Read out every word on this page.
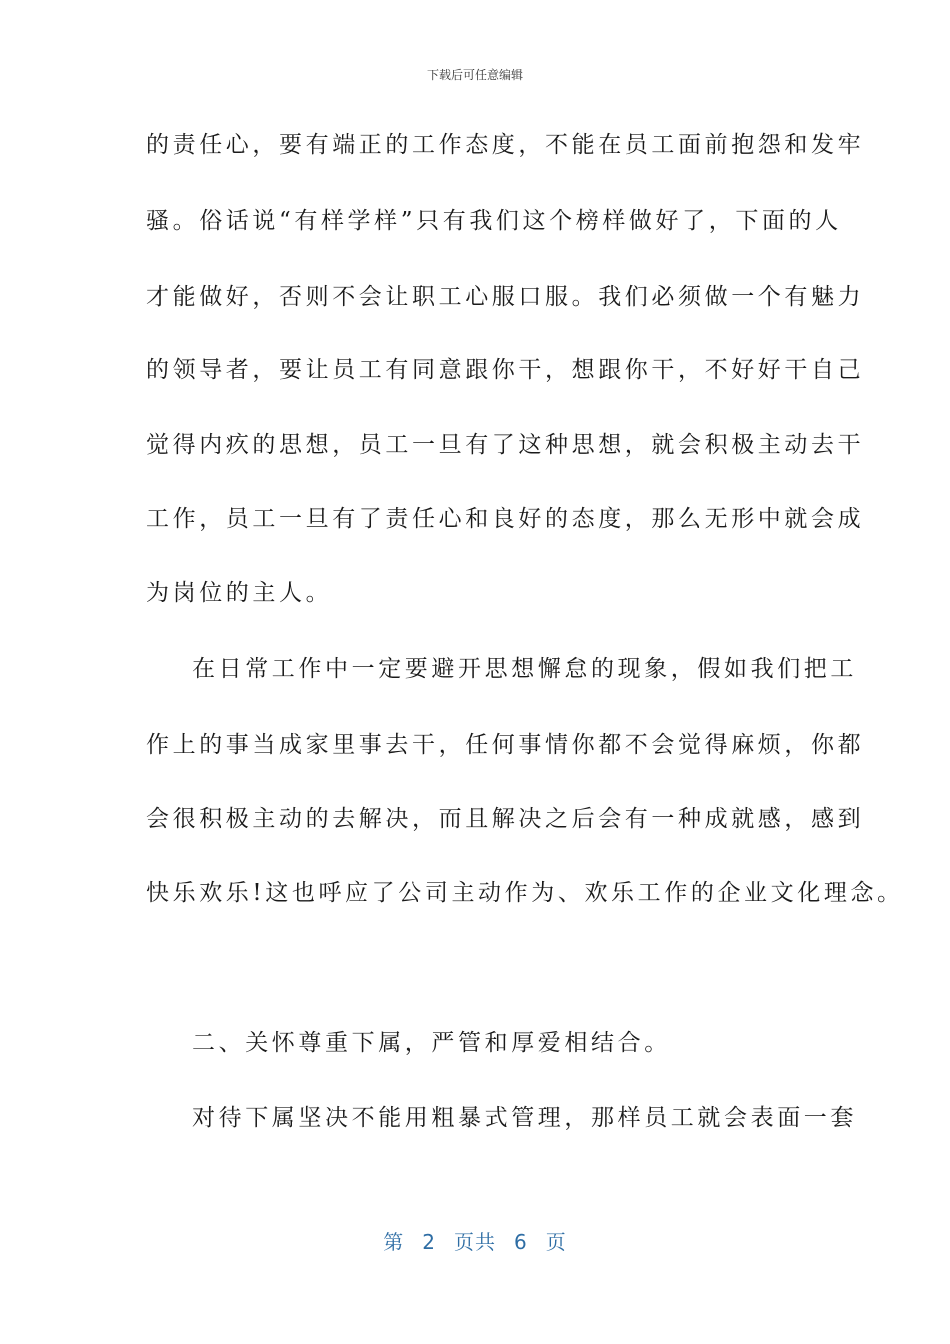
下载后可任意编辑
的责任心，要有端正的工作态度，不能在员工面前抱怨和发牢
骚。俗话说“有样学样”只有我们这个榜样做好了，下面的人
才能做好，否则不会让职工心服口服。我们必须做一个有魅力
的领导者，要让员工有同意跟你干，想跟你干，不好好干自己
觉得内疚的思想，员工一旦有了这种思想，就会积极主动去干
工作，员工一旦有了责任心和良好的态度，那么无形中就会成
为岗位的主人。
在日常工作中一定要避开思想懈怠的现象，假如我们把工
作上的事当成家里事去干，任何事情你都不会觉得麻烦，你都
会很积极主动的去解决，而且解决之后会有一种成就感，感到
快乐欢乐!这也呼应了公司主动作为、欢乐工作的企业文化理念。
二、关怀尊重下属，严管和厚爱相结合。
对待下属坚决不能用粗暴式管理，那样员工就会表面一套
第 2 页共 6 页
